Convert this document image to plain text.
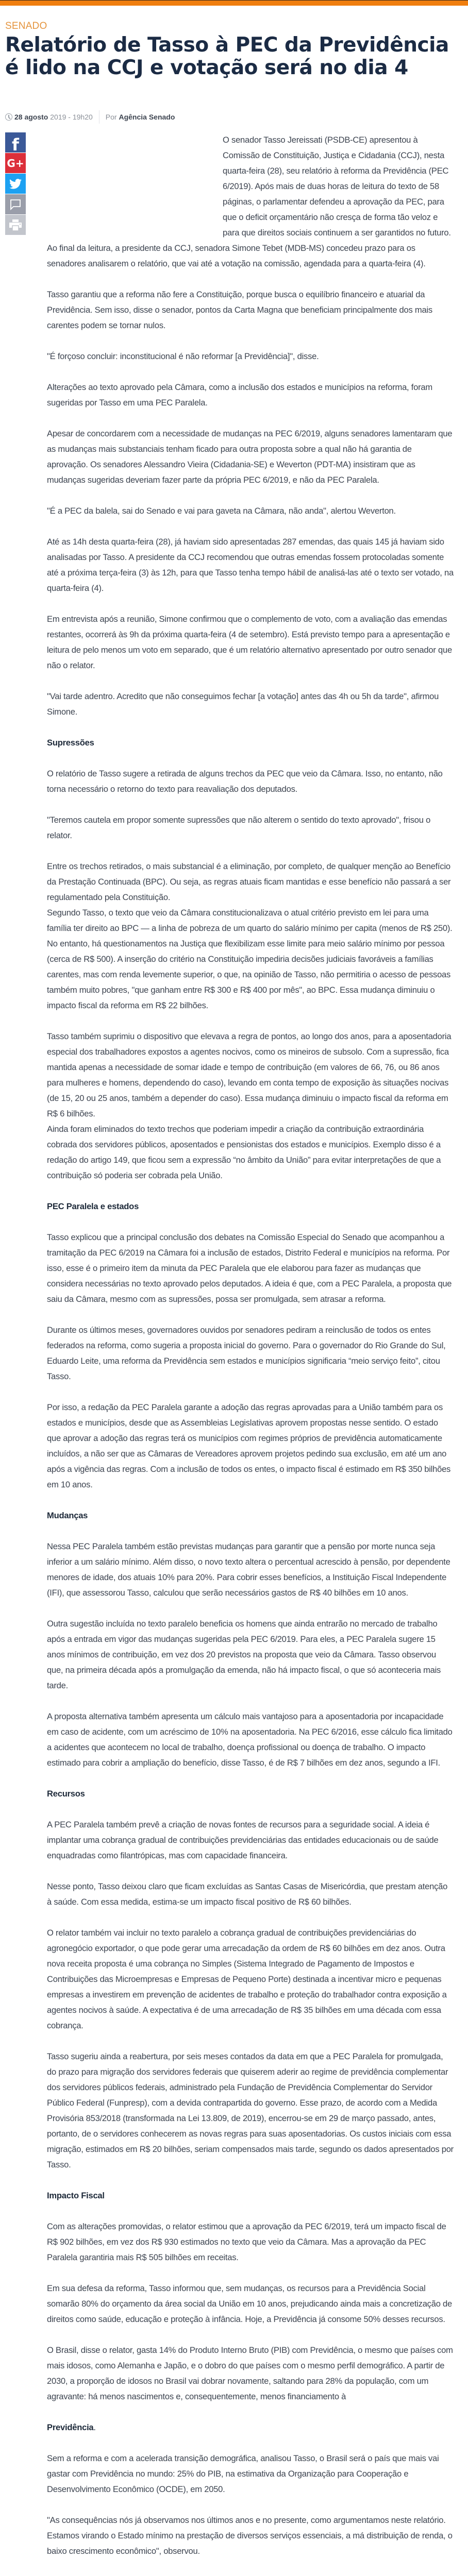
SENADO
Relatório de Tasso à PEC da Previdência é lido na CCJ e votação será no dia 4
28 agosto
2019 - 19h20 Por
Agência Senado
f
G+

O senador Tasso Jereissati (PSDB-CE) apresentou à Comissão de Constituição, Justiça e Cidadania (CCJ), nesta quarta-feira (28), seu relatório à reforma da Previdência (PEC 6/2019). Após mais de duas horas de leitura do texto de 58 páginas, o parlamentar defendeu a aprovação da PEC, para que o deficit orçamentário não cresça de forma tão veloz e para que direitos sociais continuem a ser garantidos no futuro. Ao final da leitura, a presidente da CCJ, senadora Simone Tebet (MDB-MS) concedeu prazo para os senadores analisarem o relatório, que vai até a votação na comissão, agendada para a quarta-feira (4).

Tasso garantiu que a reforma não fere a Constituição, porque busca o equilíbrio financeiro e atuarial da Previdência. Sem isso, disse o senador, pontos da Carta Magna que beneficiam principalmente dos mais carentes podem se tornar nulos.

"É forçoso concluir: inconstitucional é não reformar [a Previdência]", disse.

Alterações ao texto aprovado pela Câmara, como a inclusão dos estados e municípios na reforma, foram sugeridas por Tasso em uma PEC Paralela.

Apesar de concordarem com a necessidade de mudanças na PEC 6/2019, alguns senadores lamentaram que as mudanças mais substanciais tenham ficado para outra proposta sobre a qual não há garantia de aprovação. Os senadores Alessandro Vieira (Cidadania-SE) e Weverton (PDT-MA) insistiram que as mudanças sugeridas deveriam fazer parte da própria PEC 6/2019, e não da PEC Paralela.

"É a PEC da balela, sai do Senado e vai para gaveta na Câmara, não anda", alertou Weverton.

Até as 14h desta quarta-feira (28), já haviam sido apresentadas 287 emendas, das quais 145 já haviam sido analisadas por Tasso. A presidente da CCJ recomendou que outras emendas fossem protocoladas somente até a próxima terça-feira (3) às 12h, para que Tasso tenha tempo hábil de analisá-las até o texto ser votado, na quarta-feira (4).

Em entrevista após a reunião, Simone confirmou que o complemento de voto, com a avaliação das emendas restantes, ocorrerá às 9h da próxima quarta-feira (4 de setembro). Está previsto tempo para a apresentação e leitura de pelo menos um voto em separado, que é um relatório alternativo apresentado por outro senador que não o relator.

"Vai tarde adentro. Acredito que não conseguimos fechar [a votação] antes das 4h ou 5h da tarde", afirmou Simone.

Supressões

O relatório de Tasso sugere a retirada de alguns trechos da PEC que veio da Câmara. Isso, no entanto, não torna necessário o retorno do texto para reavaliação dos deputados.

"Teremos cautela em propor somente supressões que não alterem o sentido do texto aprovado", frisou o relator.

Entre os trechos retirados, o mais substancial é a eliminação, por completo, de qualquer menção ao Benefício da Prestação Continuada (BPC). Ou seja, as regras atuais ficam mantidas e esse benefício não passará a ser regulamentado pela Constituição.

Segundo Tasso, o texto que veio da Câmara constitucionalizava o atual critério previsto em lei para uma família ter direito ao BPC — a linha de pobreza de um quarto do salário mínimo per capita (menos de R$ 250). No entanto, há questionamentos na Justiça que flexibilizam esse limite para meio salário mínimo por pessoa (cerca de R$ 500). A inserção do critério na Constituição impediria decisões judiciais favoráveis a famílias carentes, mas com renda levemente superior, o que, na opinião de Tasso, não permitiria o acesso de pessoas também muito pobres, "que ganham entre R$ 300 e R$ 400 por mês", ao BPC. Essa mudança diminuiu o impacto fiscal da reforma em R$ 22 bilhões.

Tasso também suprimiu o dispositivo que elevava a regra de pontos, ao longo dos anos, para a aposentadoria especial dos trabalhadores expostos a agentes nocivos, como os mineiros de subsolo. Com a supressão, fica mantida apenas a necessidade de somar idade e tempo de contribuição (em valores de 66, 76, ou 86 anos para mulheres e homens, dependendo do caso), levando em conta tempo de exposição às situações nocivas (de 15, 20 ou 25 anos, também a depender do caso). Essa mudança diminuiu o impacto fiscal da reforma em R$ 6 bilhões.

Ainda foram eliminados do texto trechos que poderiam impedir a criação da contribuição extraordinária cobrada dos servidores públicos, aposentados e pensionistas dos estados e municípios. Exemplo disso é a redação do artigo 149, que ficou sem a expressão “no âmbito da União” para evitar interpretações de que a contribuição só poderia ser cobrada pela União.

PEC Paralela e estados

Tasso explicou que a principal conclusão dos debates na Comissão Especial do Senado que acompanhou a tramitação da PEC 6/2019 na Câmara foi a inclusão de estados, Distrito Federal e municípios na reforma. Por isso, esse é o primeiro item da minuta da PEC Paralela que ele elaborou para fazer as mudanças que considera necessárias no texto aprovado pelos deputados. A ideia é que, com a PEC Paralela, a proposta que saiu da Câmara, mesmo com as supressões, possa ser promulgada, sem atrasar a reforma.

Durante os últimos meses, governadores ouvidos por senadores pediram a reinclusão de todos os entes federados na reforma, como sugeria a proposta inicial do governo. Para o governador do Rio Grande do Sul, Eduardo Leite, uma reforma da Previdência sem estados e municípios significaria “meio serviço feito”, citou Tasso.

Por isso, a redação da PEC Paralela garante a adoção das regras aprovadas para a União também para os estados e municípios, desde que as Assembleias Legislativas aprovem propostas nesse sentido. O estado que aprovar a adoção das regras terá os municípios com regimes próprios de previdência automaticamente incluídos, a não ser que as Câmaras de Vereadores aprovem projetos pedindo sua exclusão, em até um ano após a vigência das regras. Com a inclusão de todos os entes, o impacto fiscal é estimado em R$ 350 bilhões em 10 anos.

Mudanças

Nessa PEC Paralela também estão previstas mudanças para garantir que a pensão por morte nunca seja inferior a um salário mínimo. Além disso, o novo texto altera o percentual acrescido à pensão, por dependente menores de idade, dos atuais 10% para 20%. Para cobrir esses benefícios, a Instituição Fiscal Independente (IFI), que assessorou Tasso, calculou que serão necessários gastos de R$ 40 bilhões em 10 anos.

Outra sugestão incluída no texto paralelo beneficia os homens que ainda entrarão no mercado de trabalho após a entrada em vigor das mudanças sugeridas pela PEC 6/2019. Para eles, a PEC Paralela sugere 15 anos mínimos de contribuição, em vez dos 20 previstos na proposta que veio da Câmara. Tasso observou que, na primeira década após a promulgação da emenda, não há impacto fiscal, o que só aconteceria mais tarde.

A proposta alternativa também apresenta um cálculo mais vantajoso para a aposentadoria por incapacidade em caso de acidente, com um acréscimo de 10% na aposentadoria. Na PEC 6/2016, esse cálculo fica limitado a acidentes que acontecem no local de trabalho, doença profissional ou doença de trabalho. O impacto estimado para cobrir a ampliação do benefício, disse Tasso, é de R$ 7 bilhões em dez anos, segundo a IFI.

Recursos

A PEC Paralela também prevê a criação de novas fontes de recursos para a seguridade social. A ideia é implantar uma cobrança gradual de contribuições previdenciárias das entidades educacionais ou de saúde enquadradas como filantrópicas, mas com capacidade financeira.

Nesse ponto, Tasso deixou claro que ficam excluídas as Santas Casas de Misericórdia, que prestam atenção à saúde. Com essa medida, estima-se um impacto fiscal positivo de R$ 60 bilhões.

O relator também vai incluir no texto paralelo a cobrança gradual de contribuições previdenciárias do agronegócio exportador, o que pode gerar uma arrecadação da ordem de R$ 60 bilhões em dez anos. Outra nova receita proposta é uma cobrança no Simples (Sistema Integrado de Pagamento de Impostos e Contribuições das Microempresas e Empresas de Pequeno Porte) destinada a incentivar micro e pequenas empresas a investirem em prevenção de acidentes de trabalho e proteção do trabalhador contra exposição a agentes nocivos à saúde. A expectativa é de uma arrecadação de R$ 35 bilhões em uma década com essa cobrança.

Tasso sugeriu ainda a reabertura, por seis meses contados da data em que a PEC Paralela for promulgada, do prazo para migração dos servidores federais que quiserem aderir ao regime de previdência complementar dos servidores públicos federais, administrado pela Fundação de Previdência Complementar do Servidor Público Federal (Funpresp), com a devida contrapartida do governo. Esse prazo, de acordo com a Medida Provisória 853/2018 (transformada na Lei 13.809, de 2019), encerrou-se em 29 de março passado, antes, portanto, de o servidores conhecerem as novas regras para suas aposentadorias. Os custos iniciais com essa migração, estimados em R$ 20 bilhões, seriam compensados mais tarde, segundo os dados apresentados por Tasso.

Impacto Fiscal

Com as alterações promovidas, o relator estimou que a aprovação da PEC 6/2019, terá um impacto fiscal de R$ 902 bilhões, em vez dos R$ 930 estimados no texto que veio da Câmara. Mas a aprovação da PEC Paralela garantiria mais R$ 505 bilhões em receitas.

Em sua defesa da reforma, Tasso informou que, sem mudanças, os recursos para a Previdência Social somarão 80% do orçamento da área social da União em 10 anos, prejudicando ainda mais a concretização de direitos como saúde, educação e proteção à infância. Hoje, a Previdência já consome 50% desses recursos.

O Brasil, disse o relator, gasta 14% do Produto Interno Bruto (PIB) com Previdência, o mesmo que países com mais idosos, como Alemanha e Japão, e o dobro do que países com o mesmo perfil demográfico. A partir de 2030, a proporção de idosos no Brasil vai dobrar novamente, saltando para 28% da população, com um agravante: há menos nascimentos e, consequentemente, menos financiamento à

Previdência.

Sem a reforma e com a acelerada transição demográfica, analisou Tasso, o Brasil será o país que mais vai gastar com Previdência no mundo: 25% do PIB, na estimativa da Organização para Cooperação e Desenvolvimento Econômico (OCDE), em 2050.

"As consequências nós já observamos nos últimos anos e no presente, como argumentamos neste relatório. Estamos virando o Estado mínimo na prestação de diversos serviços essenciais, a má distribuição de renda, o baixo crescimento econômico", observou.
